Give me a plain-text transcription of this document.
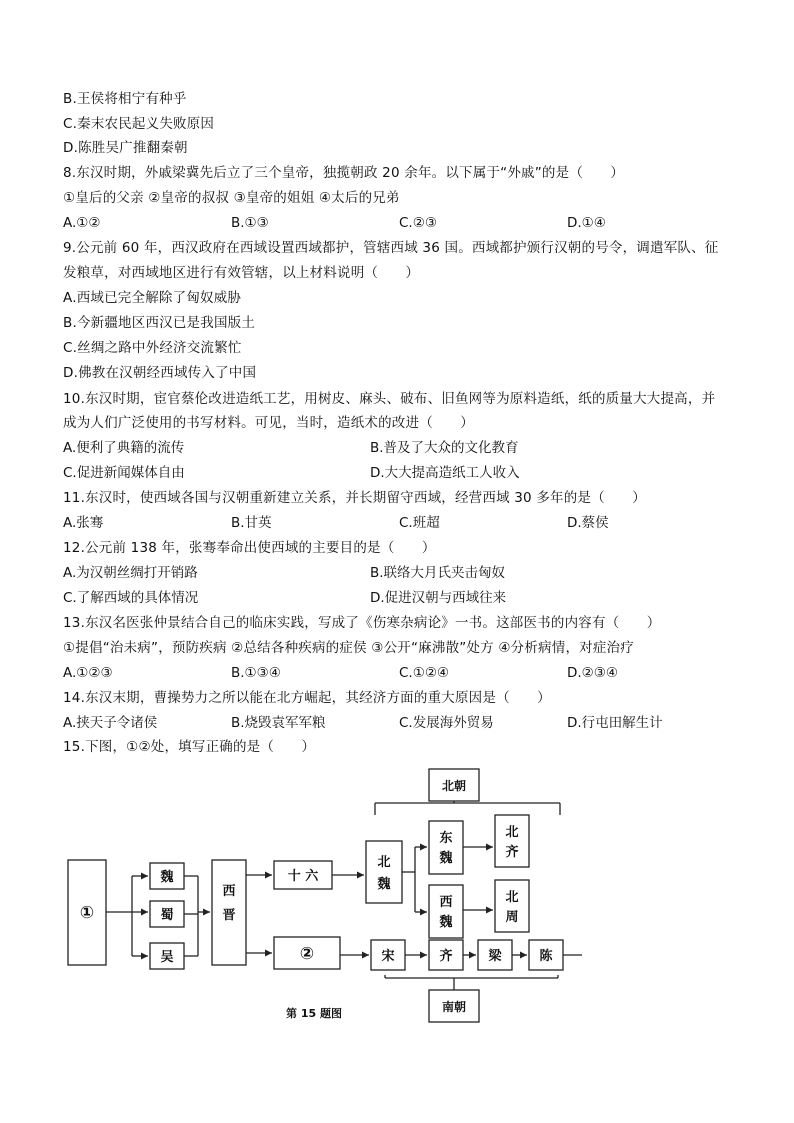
B.王侯将相宁有种乎
C.秦末农民起义失败原因
D.陈胜吴广推翻秦朝
8.东汉时期，外戚梁冀先后立了三个皇帝，独揽朝政 20 余年。以下属于“外戚”的是（　　）
①皇后的父亲 ②皇帝的叔叔 ③皇帝的姐姐 ④太后的兄弟
A.①②	B.①③	C.②③	D.①④
9.公元前 60 年，西汉政府在西域设置西域都护，管辖西域 36 国。西域都护颁行汉朝的号令，调遣军队、征
发粮草，对西域地区进行有效管辖，以上材料说明（　　）
A.西域已完全解除了匈奴威胁
B.今新疆地区西汉已是我国版土
C.丝绸之路中外经济交流繁忙
D.佛教在汉朝经西域传入了中国
10.东汉时期，宦官蔡伦改进造纸工艺，用树皮、麻头、破布、旧鱼网等为原料造纸，纸的质量大大提高，并
成为人们广泛使用的书写材料。可见，当时，造纸术的改进（　　）
A.便利了典籍的流传	B.普及了大众的文化教育
C.促进新闻媒体自由	D.大大提高造纸工人收入
11.东汉时，使西域各国与汉朝重新建立关系，并长期留守西域，经营西域 30 多年的是（　　）
A.张骞	B.甘英	C.班超	D.蔡侯
12.公元前 138 年，张骞奉命出使西域的主要目的是（　　）
A.为汉朝丝绸打开销路	B.联络大月氏夹击匈奴
C.了解西域的具体情况	D.促进汉朝与西域往来
13.东汉名医张仲景结合自己的临床实践，写成了《伤寒杂病论》一书。这部医书的内容有（　　）
①提倡“治未病”，预防疾病 ②总结各种疾病的症侯 ③公开“麻沸散”处方 ④分析病情，对症治疗
A.①②③	B.①③④	C.①②④	D.②③④
14.东汉末期，曹操势力之所以能在北方崛起，其经济方面的重大原因是（　　）
A.挟天子令诸侯	B.烧毁袁军军粮	C.发展海外贸易	D.行屯田解生计
15.下图，①②处，填写正确的是（　　）
①
魏
蜀
吴
西
晋
十 六
北
魏
东
魏
西
魏
北
齐
北
周
②	宋	齐	梁	陈
北朝
南朝
第 15 题图
